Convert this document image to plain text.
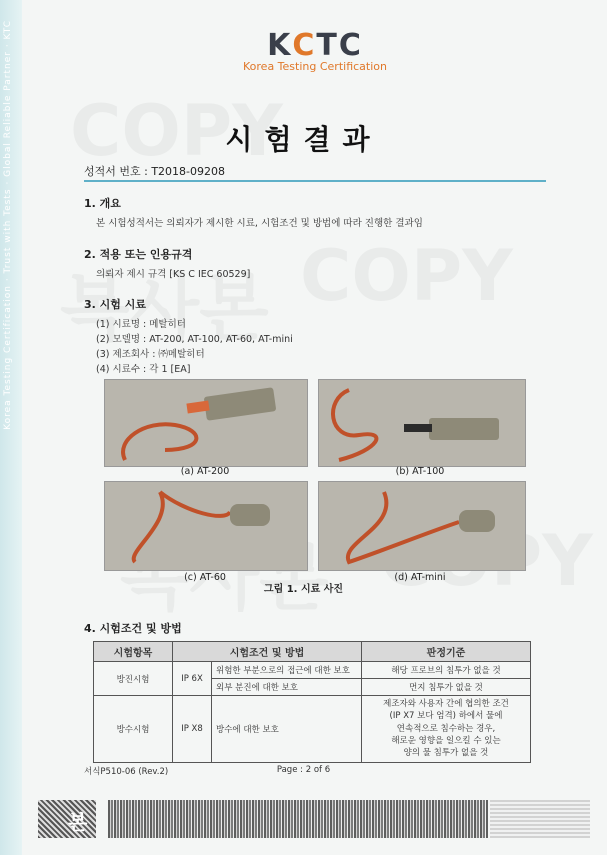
Korea Testing Certification · Trust with Tests · Global Reliable Partner · KTC	KCTC
Korea Testing Certification
시험결과
성적서 번호 : T2018-09208
1. 개요
본 시험성적서는 의뢰자가 제시한 시료, 시험조건 및 방법에 따라 진행한 결과임
2. 적용 또는 인용규격
의뢰자 제시 규격 [KS C IEC 60529]
3. 시험 시료
(1) 시료명 : 메탈히터
(2) 모델명 : AT-200, AT-100, AT-60, AT-mini
(3) 제조회사 : ㈜메탈히터
(4) 시료수 : 각 1 [EA]
(a) AT-200	(b) AT-100
(c) AT-60	(d) AT-mini
그림 1. 시료 사진
4. 시험조건 및 방법
시험항목	시험조건 및 방법		판정기준
방진시험	IP 6X	위험한 부분으로의 접근에 대한 보호	해당 프로브의 침투가 없을 것
		외부 분진에 대한 보호	먼지 침투가 없을 것
방수시험	IP X8	방수에 대한 보호	제조자와 사용자 간에 협의한 조건
(IP X7 보다 엄격) 하에서 물에
연속적으로 침수하는 경우,
해로운 영향을 일으킬 수 있는
양의 물 침투가 없을 것
서식P510-06 (Rev.2)	Page : 2 of 6
본
